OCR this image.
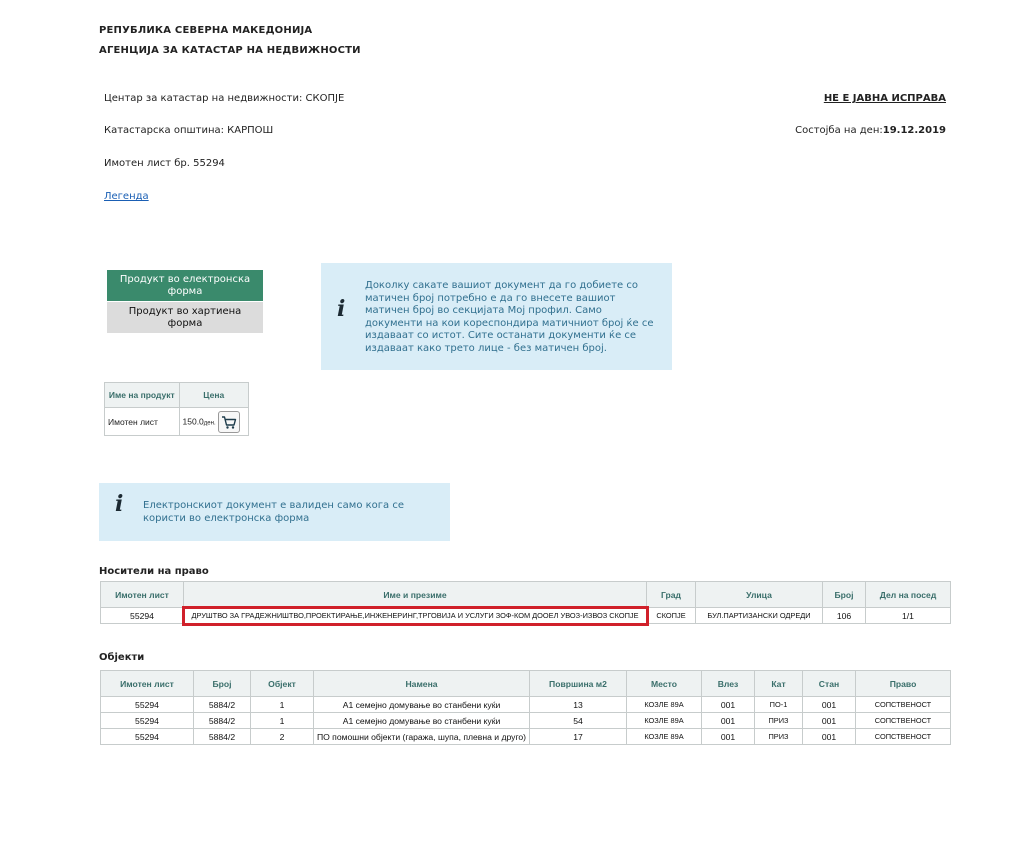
РЕПУБЛИКА СЕВЕРНА МАКЕДОНИЈА
АГЕНЦИЈА ЗА КАТАСТАР НА НЕДВИЖНОСТИ
Центар за катастар на недвижности: СКОПЈЕ	НЕ Е ЈАВНА ИСПРАВА
Катастарска општина: КАРПОШ	Состојба на ден:19.12.2019
Имотен лист бр. 55294
Легенда
Продукт во електронска форма
Продукт во хартиена форма
i
Доколку сакате вашиот документ да го добиете со матичен број потребно е да го внесете вашиот матичен број во секцијата Мој профил. Само документи на кои кореспондира матичниот број ќе се издаваат со истот. Сите останати документи ќе се издаваат како трето лице - без матичен број.
Име на продукт	Цена
Имотен лист	150.0ден.
i Електронскиот документ е валиден само кога се користи во електронска форма
Носители на право
Имотен лист	Име и презиме	Град	Улица	Број	Дел на посед
55294	ДРУШТВО ЗА ГРАДЕЖНИШТВО,ПРОЕКТИРАЊЕ,ИНЖЕНЕРИНГ,ТРГОВИЈА И УСЛУГИ ЗОФ-КОМ ДООЕЛ УВОЗ-ИЗВОЗ СКОПЈЕ	СКОПЈЕ	БУЛ.ПАРТИЗАНСКИ ОДРЕДИ	106	1/1
Објекти
Имотен лист	Број	Објект	Намена	Површина м2	Место	Влез	Кат	Стан	Право
55294	5884/2	1	А1 семејно домување во станбени куќи	13	КОЗЛЕ 89А	001	ПО-1	001	СОПСТВЕНОСТ
55294	5884/2	1	А1 семејно домување во станбени куќи	54	КОЗЛЕ 89А	001	ПРИЗ	001	СОПСТВЕНОСТ
55294	5884/2	2	ПО помошни објекти (гаража, шупа, плевна и друго)	17	КОЗЛЕ 89А	001	ПРИЗ	001	СОПСТВЕНОСТ
